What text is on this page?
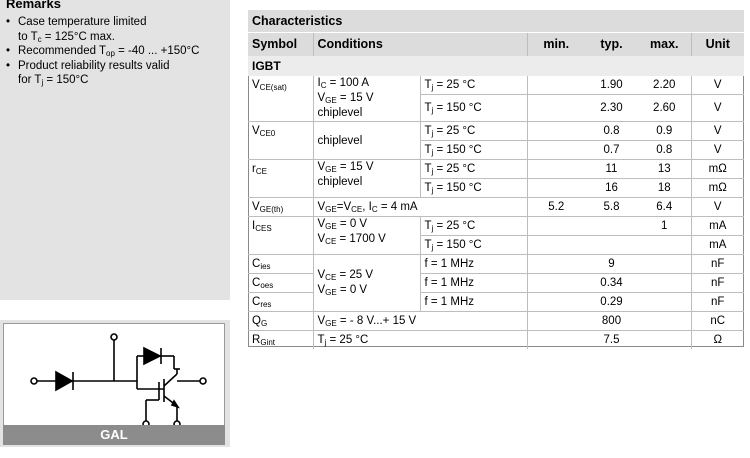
Remarks
• Case temperature limited
to $T_c = 125^\circ C$ max.
• Recommended $T_{op} = -40$ ... +150°C
• Product reliability results valid
for $T_j = 150^\circ C$
GAL
Characteristics						
Symbol	Conditions		min.	typ.	max.	Unit
IGBT						
$V_{CE(sat)}$	$I_C = 100$ A
$V_{GE} = 15$ V
chiplevel	$T_j = 25$ °C		1.90	2.20	V
		$T_j = 150$ °C		2.30	2.60	V
$V_{CE0}$	chiplevel	$T_j = 25$ °C		0.8	0.9	V
		$T_j = 150$ °C		0.7	0.8	V
$r_{CE}$	$V_{GE} = 15$ V
chiplevel	$T_j = 25$ °C		11	13	mΩ
		$T_j = 150$ °C		16	18	mΩ
$V_{GE(th)}$	$V_{GE}=V_{CE}$, $I_C = 4$ mA		5.2	5.8	6.4	V
$I_{CES}$	$V_{GE} = 0$ V
$V_{CE} = 1700$ V	$T_j = 25$ °C			1	mA
		$T_j = 150$ °C				mA
$C_{ies}$	$V_{CE} = 25$ V
$V_{GE} = 0$ V	f = 1 MHz		9		nF
$C_{oes}$		f = 1 MHz		0.34		nF
$C_{res}$		f = 1 MHz		0.29		nF
$Q_G$	$V_{GE}$ = - 8 V...+ 15 V			800		nC
$R_{Gint}$	$T_j = 25$ °C			7.5		Ω
